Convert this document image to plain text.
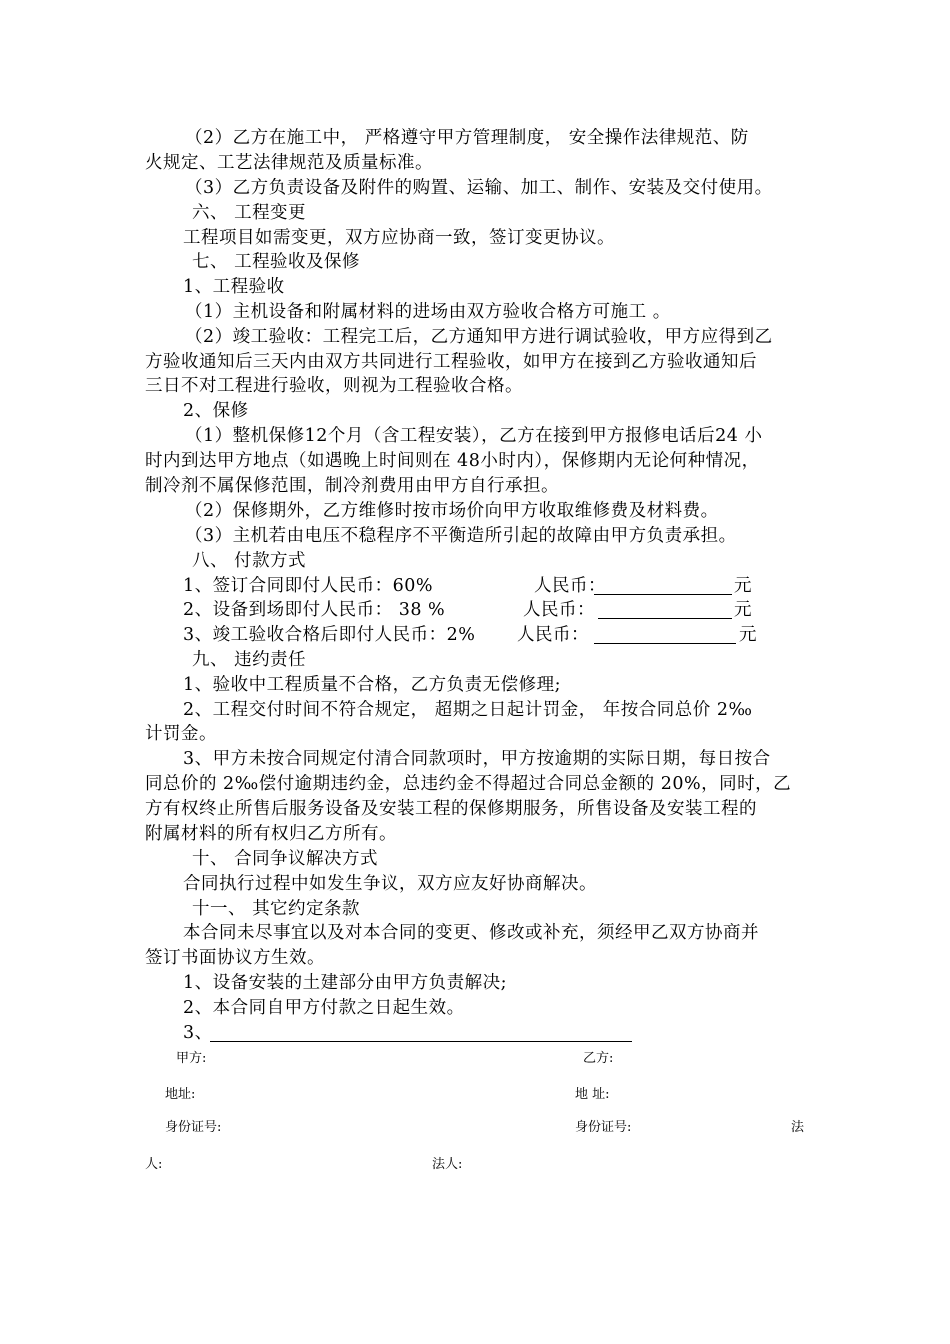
（2）乙方在施工中， 严格遵守甲方管理制度， 安全操作法律规范、防
火规定、工艺法律规范及质量标准。
（3）乙方负责设备及附件的购置、运输、加工、制作、安装及交付使用。
六、 工程变更
工程项目如需变更，双方应协商一致，签订变更协议。
七、 工程验收及保修
1、工程验收
（1）主机设备和附属材料的进场由双方验收合格方可施工 。
（2）竣工验收：工程完工后，乙方通知甲方进行调试验收，甲方应得到乙
方验收通知后三天内由双方共同进行工程验收，如甲方在接到乙方验收通知后
三日不对工程进行验收，则视为工程验收合格。
2、保修
（1）整机保修12个月（含工程安装），乙方在接到甲方报修电话后24 小
时内到达甲方地点（如遇晚上时间则在 48小时内），保修期内无论何种情况，
制冷剂不属保修范围，制冷剂费用由甲方自行承担。
（2）保修期外，乙方维修时按市场价向甲方收取维修费及材料费。
（3）主机若由电压不稳程序不平衡造所引起的故障由甲方负责承担。
八、 付款方式
1、签订合同即付人民币：60%	人民币：	元
2、设备到场即付人民币： 38 %	人民币：	元
3、竣工验收合格后即付人民币：2% 人民币：	元
九、 违约责任
1、验收中工程质量不合格，乙方负责无偿修理;
2、工程交付时间不符合规定， 超期之日起计罚金， 年按合同总价 2‰
计罚金。
3、甲方未按合同规定付清合同款项时，甲方按逾期的实际日期，每日按合
同总价的 2‰偿付逾期违约金，总违约金不得超过合同总金额的 20%，同时，乙
方有权终止所售后服务设备及安装工程的保修期服务，所售设备及安装工程的
附属材料的所有权归乙方所有。
十、 合同争议解决方式
合同执行过程中如发生争议，双方应友好协商解决。
十一、 其它约定条款
本合同未尽事宜以及对本合同的变更、修改或补充，须经甲乙双方协商并
签订书面协议方生效。
1、设备安装的土建部分由甲方负责解决;
2、本合同自甲方付款之日起生效。
3、
甲方:	乙方:
地址:	地 址:
身份证号:	身份证号:	法
人:	法人:
